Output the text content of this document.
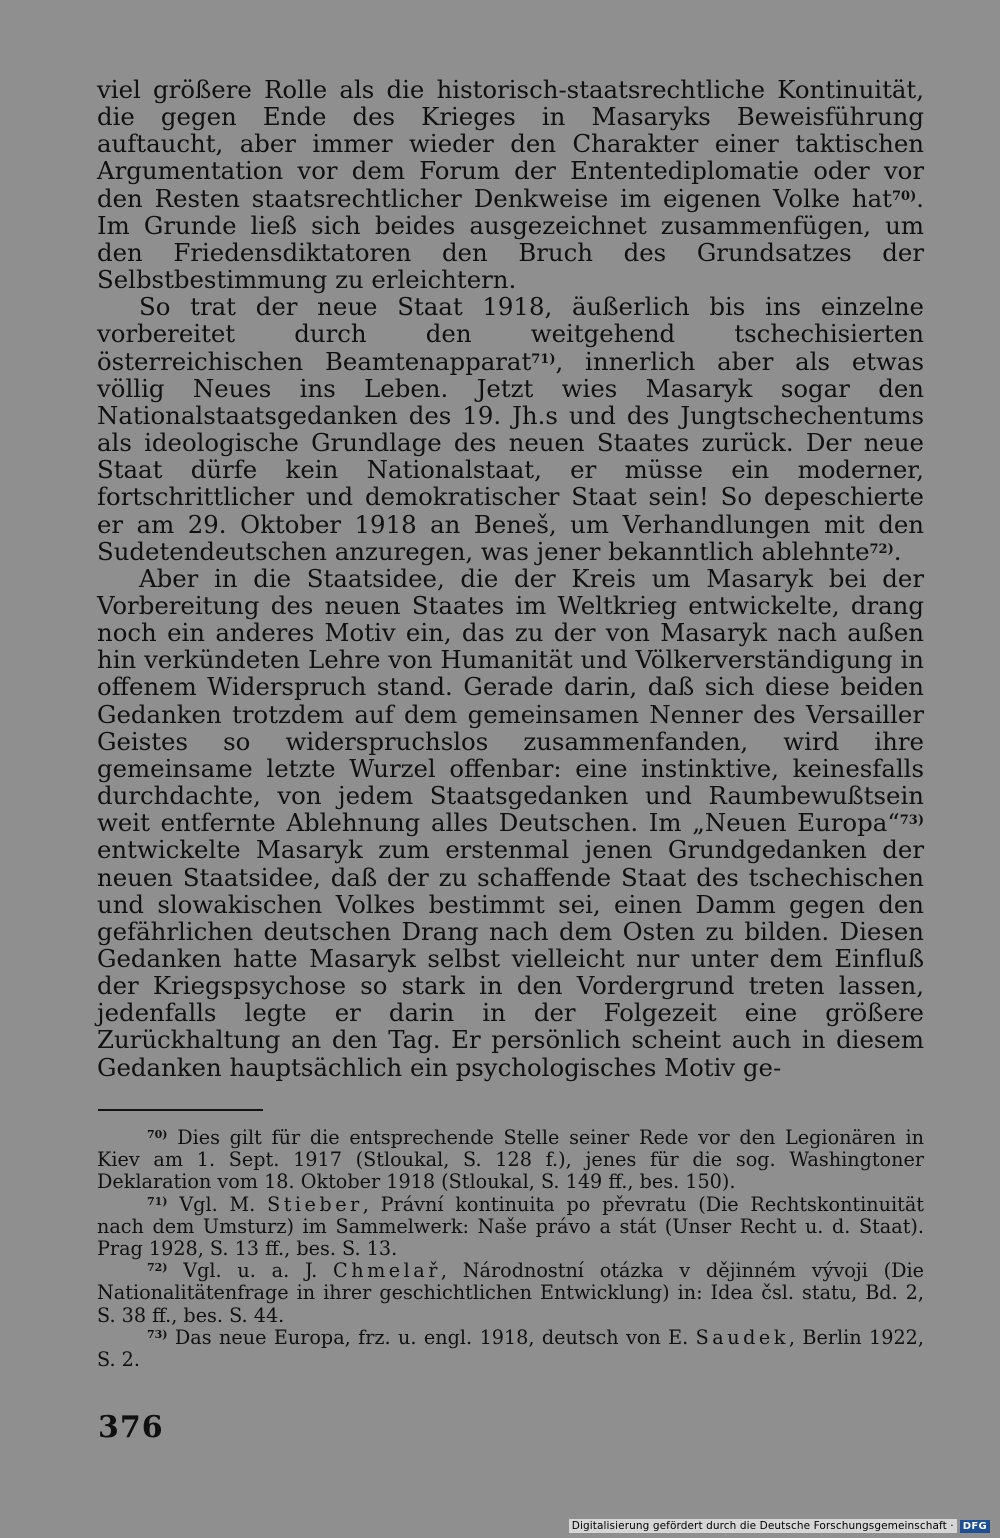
viel größere Rolle als die historisch-staatsrechtliche Kontinuität, die gegen Ende des Krieges in Masaryks Beweisführung auftaucht, aber immer wieder den Charakter einer taktischen Argumentation vor dem Forum der Ententediplomatie oder vor den Resten staatsrechtlicher Denkweise im eigenen Volke hat$^{70)}$. Im Grunde ließ sich beides ausgezeichnet zusammenfügen, um den Friedensdiktatoren den Bruch des Grundsatzes der Selbstbestimmung zu erleichtern.

So trat der neue Staat 1918, äußerlich bis ins einzelne vorbereitet durch den weitgehend tschechisierten österreichischen Beamtenapparat$^{71)}$, innerlich aber als etwas völlig Neues ins Leben. Jetzt wies Masaryk sogar den Nationalstaatsgedanken des 19. Jh.s und des Jungtschechentums als ideologische Grundlage des neuen Staates zurück. Der neue Staat dürfe kein Nationalstaat, er müsse ein moderner, fortschrittlicher und demokratischer Staat sein! So depeschierte er am 29. Oktober 1918 an Beneš, um Verhandlungen mit den Sudetendeutschen anzuregen, was jener bekanntlich ablehnte$^{72)}$.

Aber in die Staatsidee, die der Kreis um Masaryk bei der Vorbereitung des neuen Staates im Weltkrieg entwickelte, drang noch ein anderes Motiv ein, das zu der von Masaryk nach außen hin verkündeten Lehre von Humanität und Völkerverständigung in offenem Widerspruch stand. Gerade darin, daß sich diese beiden Gedanken trotzdem auf dem gemeinsamen Nenner des Versailler Geistes so widerspruchslos zusammenfanden, wird ihre gemeinsame letzte Wurzel offenbar: eine instinktive, keinesfalls durchdachte, von jedem Staatsgedanken und Raumbewußtsein weit entfernte Ablehnung alles Deutschen. Im „Neuen Europa“$^{73)}$ entwickelte Masaryk zum erstenmal jenen Grundgedanken der neuen Staatsidee, daß der zu schaffende Staat des tschechischen und slowakischen Volkes bestimmt sei, einen Damm gegen den gefährlichen deutschen Drang nach dem Osten zu bilden. Diesen Gedanken hatte Masaryk selbst vielleicht nur unter dem Einfluß der Kriegspsychose so stark in den Vordergrund treten lassen, jedenfalls legte er darin in der Folgezeit eine größere Zurückhaltung an den Tag. Er persönlich scheint auch in diesem Gedanken hauptsächlich ein psychologisches Motiv ge-

$^{70)}$ Dies gilt für die entsprechende Stelle seiner Rede vor den Legionären in Kiev am 1. Sept. 1917 (Stloukal, S. 128 f.), jenes für die sog. Washingtoner Deklaration vom 18. Oktober 1918 (Stloukal, S. 149 ff., bes. 150).

$^{71)}$ Vgl. M. Stieber, Právní kontinuita po převratu (Die Rechtskontinuität nach dem Umsturz) im Sammelwerk: Naše právo a stát (Unser Recht u. d. Staat). Prag 1928, S. 13 ff., bes. S. 13.

$^{72)}$ Vgl. u. a. J. Chmelař, Národnostní otázka v dějinném vývoji (Die Nationalitätenfrage in ihrer geschichtlichen Entwicklung) in: Idea čsl. statu, Bd. 2, S. 38 ff., bes. S. 44.

$^{73)}$ Das neue Europa, frz. u. engl. 1918, deutsch von E. Saudek, Berlin 1922, S. 2.

376
Digitalisierung gefördert durch die Deutsche Forschungsgemeinschaft · DFG
